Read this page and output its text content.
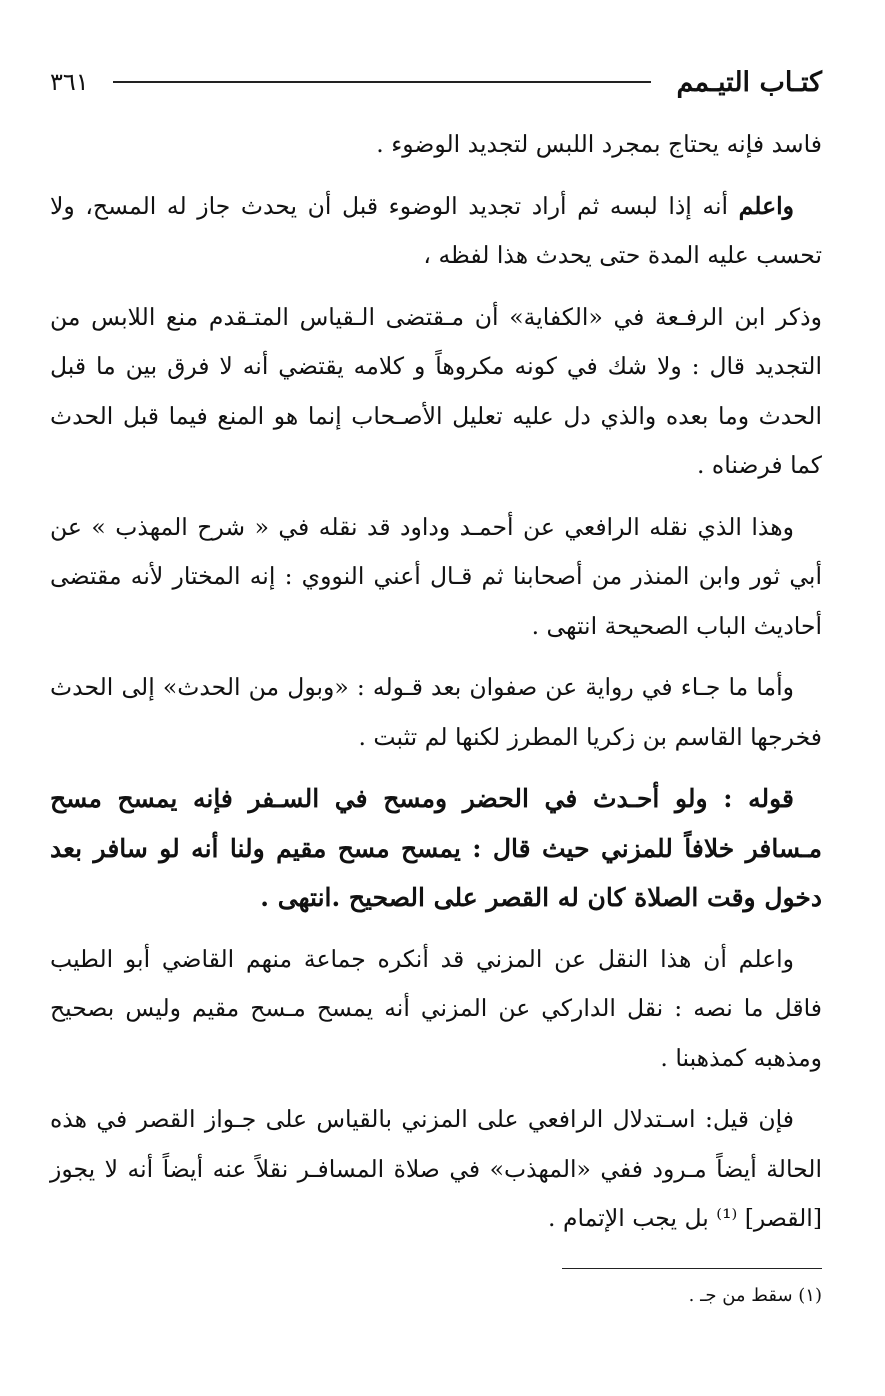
كتـاب التيـمم
٣٦١

فاسد فإنه يحتاج بمجرد اللبس لتجديد الوضوء .

واعلم أنه إذا لبسه ثم أراد تجديد الوضوء قبل أن يحدث جاز له المسح، ولا تحسب عليه المدة حتى يحدث هذا لفظه ،

وذكر ابن الرفـعة في «الكفاية» أن مـقتضى الـقياس المتـقدم منع اللابس من التجديد قال : ولا شك في كونه مكروهاً و كلامه يقتضي أنه لا فرق بين ما قبل الحدث وما بعده والذي دل عليه تعليل الأصـحاب إنما هو المنع فيما قبل الحدث كما فرضناه .

وهذا الذي نقله الرافعي عن أحمـد وداود قد نقله في « شرح المهذب » عن أبي ثور وابن المنذر من أصحابنا ثم قـال أعني النووي : إنه المختار لأنه مقتضى أحاديث الباب الصحيحة انتهى .

وأما ما جـاء في رواية عن صفوان بعد قـوله : «وبول من الحدث» إلى الحدث فخرجها القاسم بن زكريا المطرز لكنها لم تثبت .

قوله : ولو أحـدث في الحضر ومسح في السـفر فإنه يمسح مسح مـسافر خلافاً للمزني حيث قال : يمسح مسح مقيم ولنا أنه لو سافر بعد دخول وقت الصلاة كان له القصر على الصحيح .انتهى .

واعلم أن هذا النقل عن المزني قد أنكره جماعة منهم القاضي أبو الطيب فاقل ما نصه : نقل الداركي عن المزني أنه يمسح مـسح مقيم وليس بصحيح ومذهبه كمذهبنا .

فإن قيل: اسـتدلال الرافعي على المزني بالقياس على جـواز القصر في هذه الحالة أيضاً مـرود ففي «المهذب» في صلاة المسافـر نقلاً عنه أيضاً أنه لا يجوز [القصر] ⁽¹⁾ بل يجب الإتمام .

(١) سقط من جـ .
